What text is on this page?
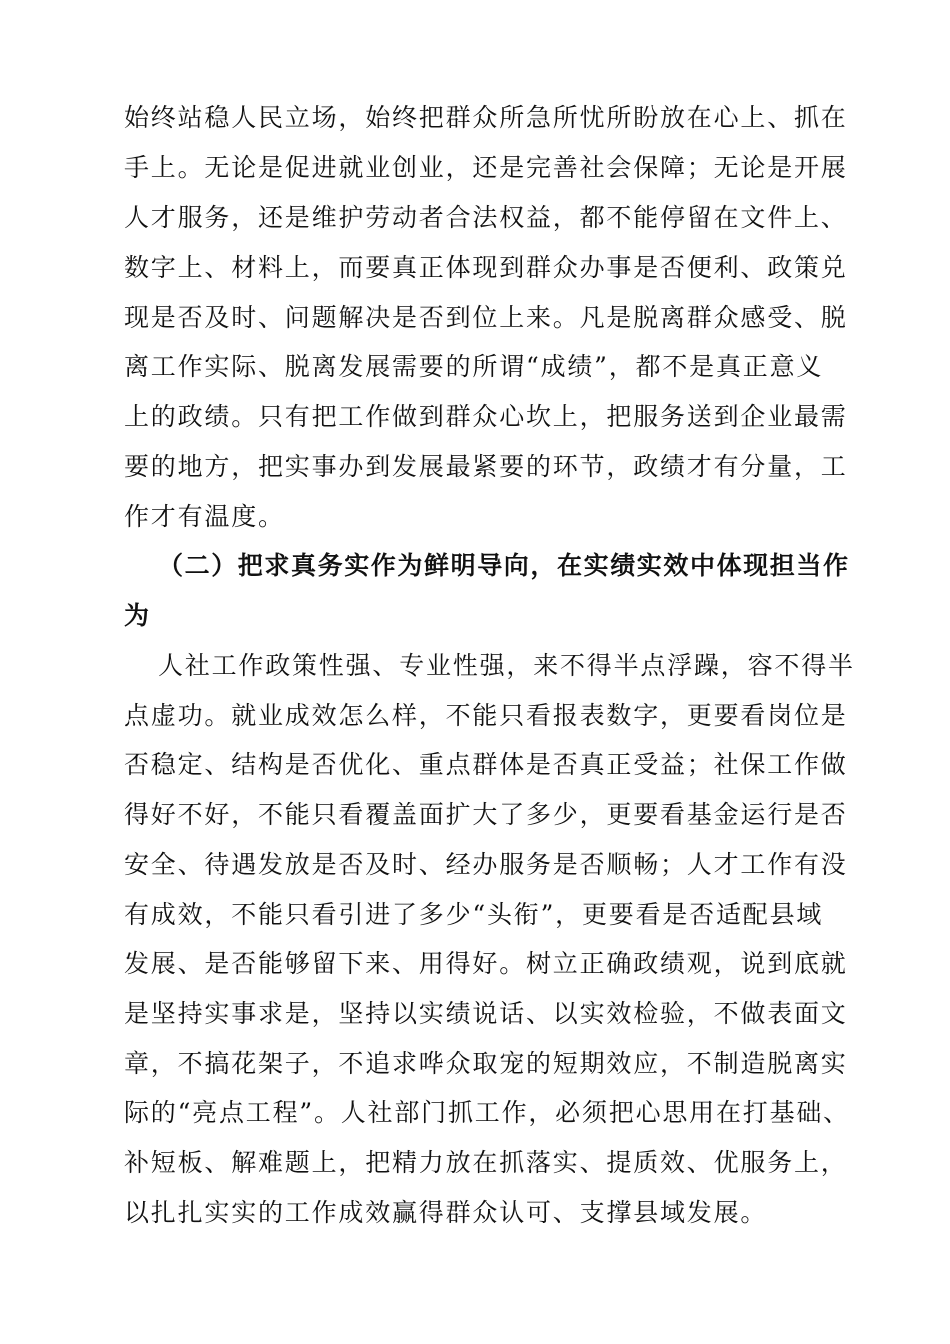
始终站稳人民立场，始终把群众所急所忧所盼放在心上、抓在
手上。无论是促进就业创业，还是完善社会保障；无论是开展
人才服务，还是维护劳动者合法权益，都不能停留在文件上、
数字上、材料上，而要真正体现到群众办事是否便利、政策兑
现是否及时、问题解决是否到位上来。凡是脱离群众感受、脱
离工作实际、脱离发展需要的所谓“成绩”，都不是真正意义
上的政绩。只有把工作做到群众心坎上，把服务送到企业最需
要的地方，把实事办到发展最紧要的环节，政绩才有分量，工
作才有温度。
（二）把求真务实作为鲜明导向，在实绩实效中体现担当作
为
人社工作政策性强、专业性强，来不得半点浮躁，容不得半
点虚功。就业成效怎么样，不能只看报表数字，更要看岗位是
否稳定、结构是否优化、重点群体是否真正受益；社保工作做
得好不好，不能只看覆盖面扩大了多少，更要看基金运行是否
安全、待遇发放是否及时、经办服务是否顺畅；人才工作有没
有成效，不能只看引进了多少“头衔”，更要看是否适配县域
发展、是否能够留下来、用得好。树立正确政绩观，说到底就
是坚持实事求是，坚持以实绩说话、以实效检验，不做表面文
章，不搞花架子，不追求哗众取宠的短期效应，不制造脱离实
际的“亮点工程”。人社部门抓工作，必须把心思用在打基础、
补短板、解难题上，把精力放在抓落实、提质效、优服务上，
以扎扎实实的工作成效赢得群众认可、支撑县域发展。
